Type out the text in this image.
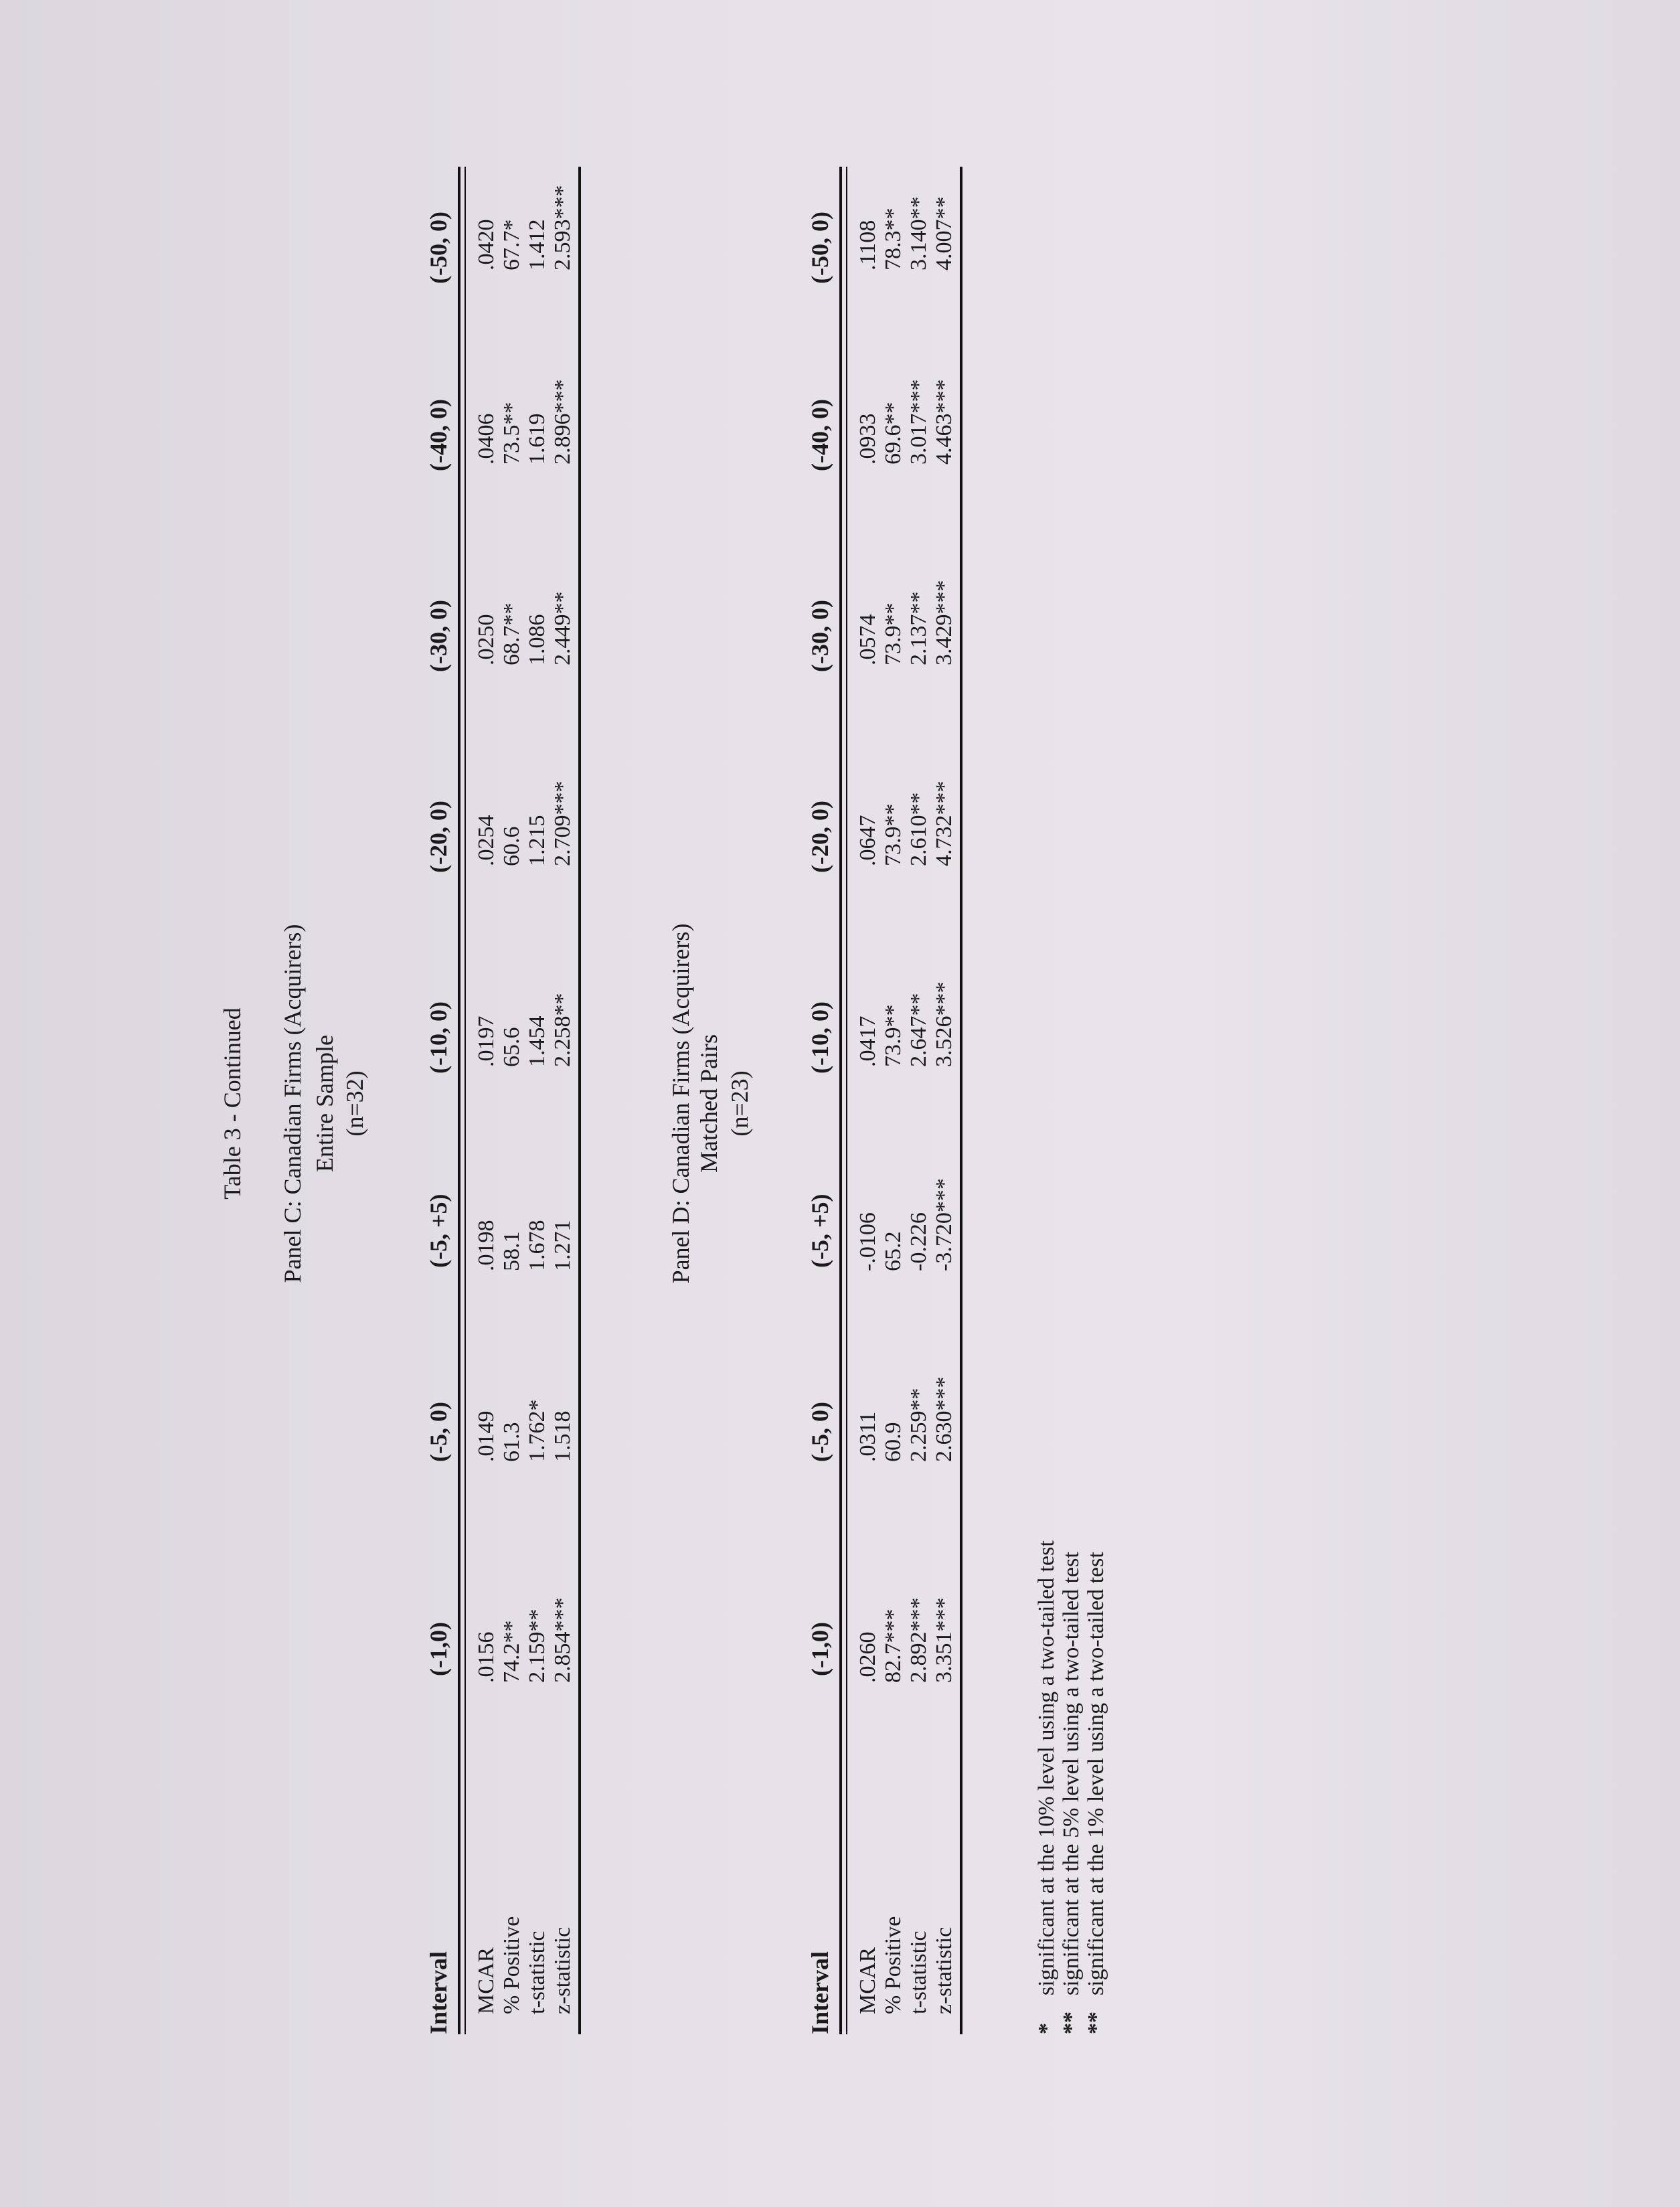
Table 3 - Continued Panel C: Canadian Firms (Acquirers) Entire Sample (n=32)
Interval
(-1,0)
(-5, 0)
(-5, +5)
(-10, 0)
(-20, 0)
(-30, 0)
(-40, 0)
(-50, 0)
MCAR
.0156
.0149
.0198
.0197
.0254
.0250
.0406
.0420
% Positive
74.2**
61.3
58.1
65.6
60.6
68.7**
73.5**
67.7*
t-statistic
2.159**
1.762*
1.678
1.454
1.215
1.086
1.619
1.412
z-statistic
2.854***
1.518
1.271
2.258**
2.709***
2.449**
2.896***
2.593***
Panel D: Canadian Firms (Acquirers) Matched Pairs (n=23)
Interval
(-1,0)
(-5, 0)
(-5, +5)
(-10, 0)
(-20, 0)
(-30, 0)
(-40, 0)
(-50, 0)
MCAR
.0260
.0311
-.0106
.0417
.0647
.0574
.0933
.1108
% Positive
82.7***
60.9
65.2
73.9**
73.9**
73.9**
69.6**
78.3**
t-statistic
2.892***
2.259**
-0.226
2.647**
2.610**
2.137**
3.017***
3.140**
z-statistic
3.351***
2.630***
-3.720***
3.526***
4.732***
3.429***
4.463***
4.007**
*significant at the 10% level using a two-tailed test
**significant at the 5% level using a two-tailed test
**significant at the 1% level using a two-tailed test
